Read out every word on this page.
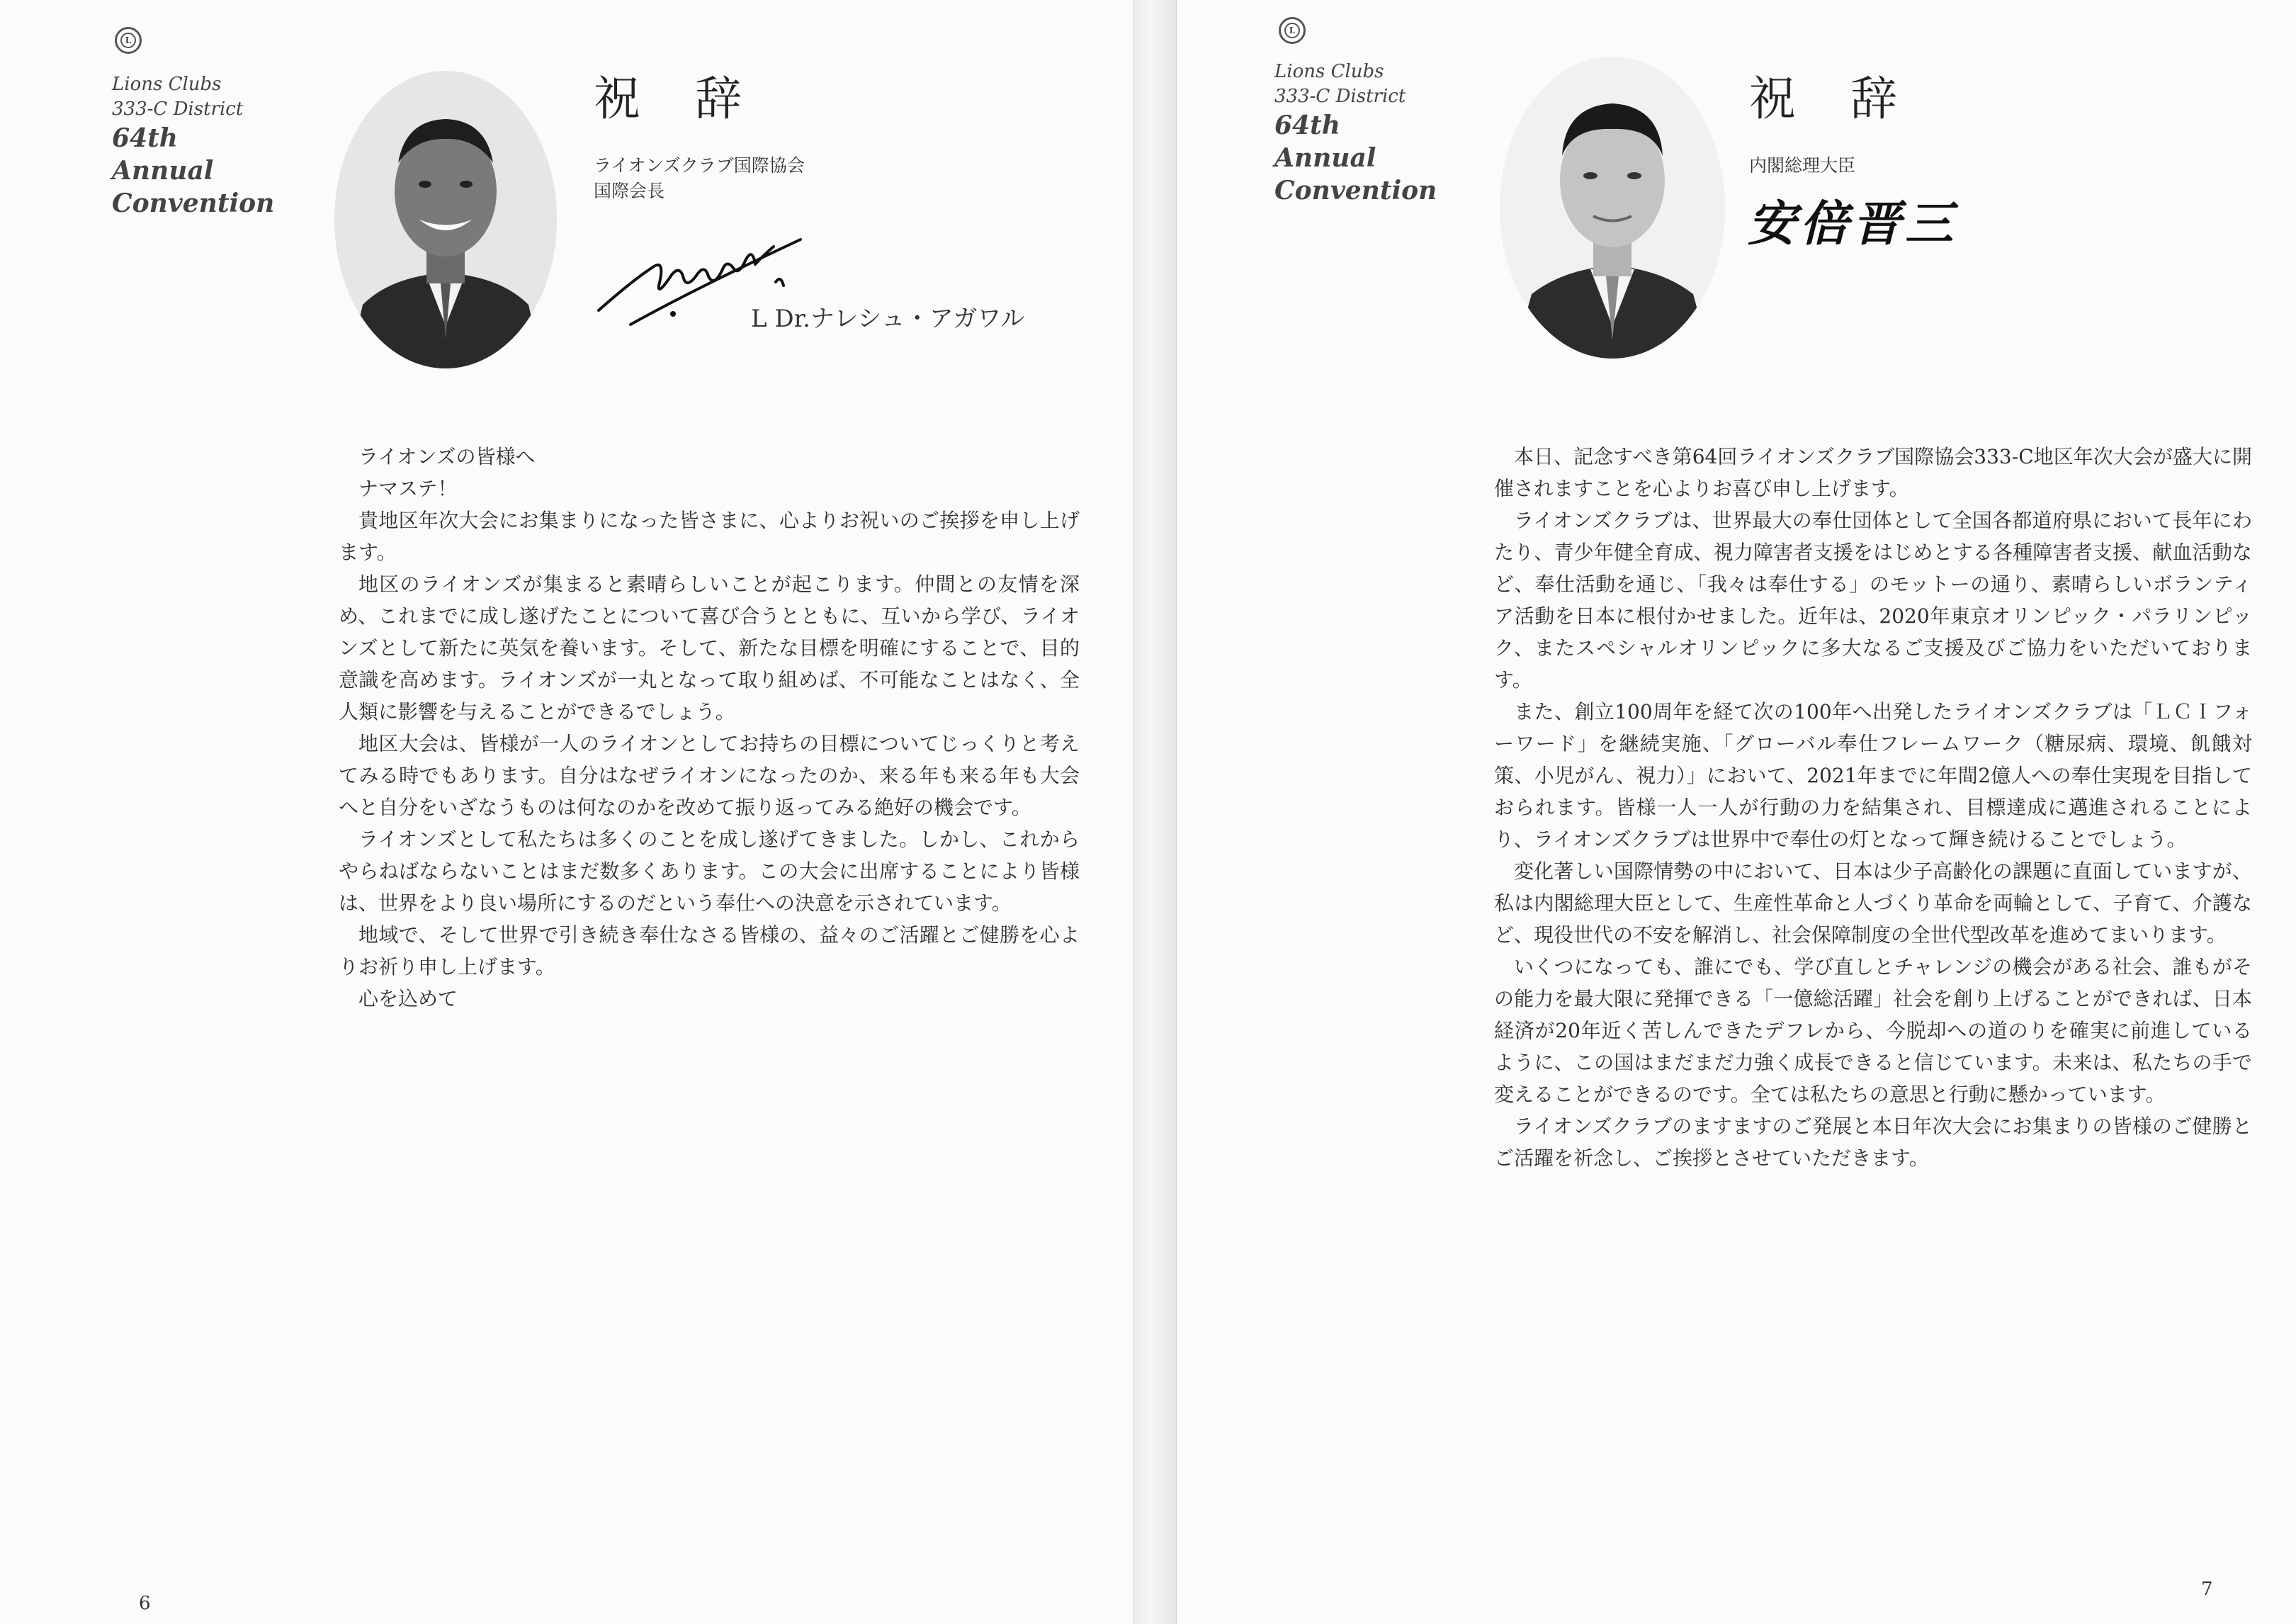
L
Lions Clubs
333-C District
64th
Annual
Convention
祝 辞
ライオンズクラブ国際協会
国際会長
L Dr.ナレシュ・アガワル

ライオンズの皆様へ

ナマステ！

貴地区年次大会にお集まりになった皆さまに、心よりお祝いのご挨拶を申し上げます。

地区のライオンズが集まると素晴らしいことが起こります。仲間との友情を深め、これまでに成し遂げたことについて喜び合うとともに、互いから学び、ライオンズとして新たに英気を養います。そして、新たな目標を明確にすることで、目的意識を高めます。ライオンズが一丸となって取り組めば、不可能なことはなく、全人類に影響を与えることができるでしょう。

地区大会は、皆様が一人のライオンとしてお持ちの目標についてじっくりと考えてみる時でもあります。自分はなぜライオンになったのか、来る年も来る年も大会へと自分をいざなうものは何なのかを改めて振り返ってみる絶好の機会です。

ライオンズとして私たちは多くのことを成し遂げてきました。しかし、これからやらねばならないことはまだ数多くあります。この大会に出席することにより皆様は、世界をより良い場所にするのだという奉仕への決意を示されています。

地域で、そして世界で引き続き奉仕なさる皆様の、益々のご活躍とご健勝を心よりお祈り申し上げます。

心を込めて

6
L
Lions Clubs
333-C District
64th
Annual
Convention
祝 辞
内閣総理大臣
安倍晋三

本日、記念すべき第64回ライオンズクラブ国際協会333-C地区年次大会が盛大に開催されますことを心よりお喜び申し上げます。

ライオンズクラブは、世界最大の奉仕団体として全国各都道府県において長年にわたり、青少年健全育成、視力障害者支援をはじめとする各種障害者支援、献血活動など、奉仕活動を通じ、「我々は奉仕する」のモットーの通り、素晴らしいボランティア活動を日本に根付かせました。近年は、2020年東京オリンピック・パラリンピック、またスペシャルオリンピックに多大なるご支援及びご協力をいただいております。

また、創立100周年を経て次の100年へ出発したライオンズクラブは「ＬＣＩフォーワード」を継続実施、「グローバル奉仕フレームワーク（糖尿病、環境、飢餓対策、小児がん、視力）」において、2021年までに年間2億人への奉仕実現を目指しておられます。皆様一人一人が行動の力を結集され、目標達成に邁進されることにより、ライオンズクラブは世界中で奉仕の灯となって輝き続けることでしょう。

変化著しい国際情勢の中において、日本は少子高齢化の課題に直面していますが、私は内閣総理大臣として、生産性革命と人づくり革命を両輪として、子育て、介護など、現役世代の不安を解消し、社会保障制度の全世代型改革を進めてまいります。

いくつになっても、誰にでも、学び直しとチャレンジの機会がある社会、誰もがその能力を最大限に発揮できる「一億総活躍」社会を創り上げることができれば、日本経済が20年近く苦しんできたデフレから、今脱却への道のりを確実に前進しているように、この国はまだまだ力強く成長できると信じています。未来は、私たちの手で変えることができるのです。全ては私たちの意思と行動に懸かっています。

ライオンズクラブのますますのご発展と本日年次大会にお集まりの皆様のご健勝とご活躍を祈念し、ご挨拶とさせていただきます。

7
